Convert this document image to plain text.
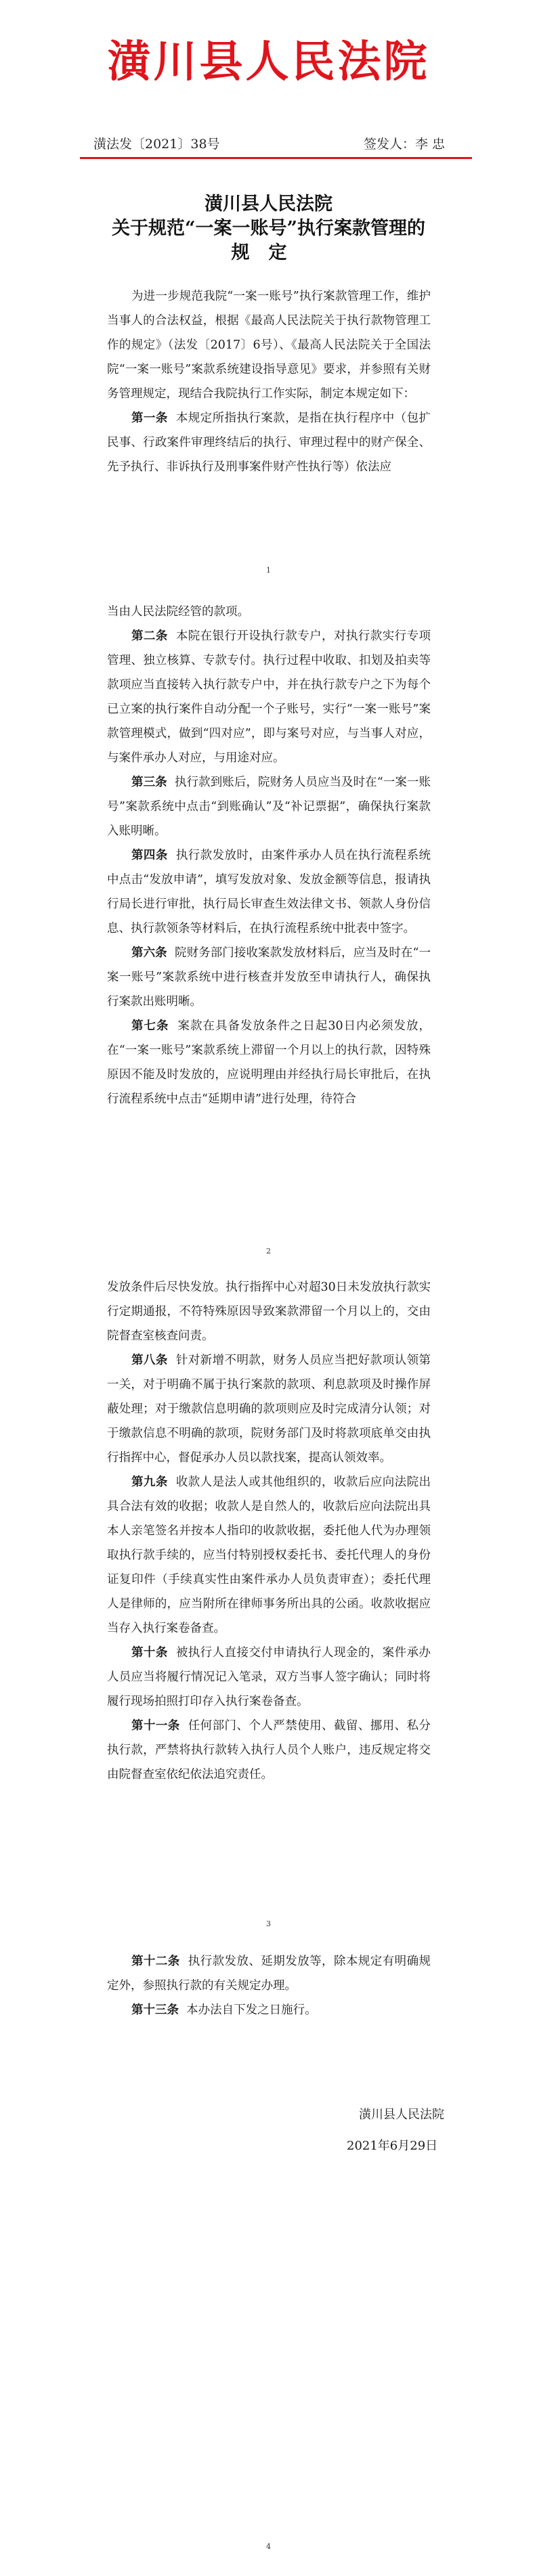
潢川县人民法院
潢法发〔2021〕38号	签发人：李 忠
潢川县人民法院
关于规范“一案一账号”执行案款管理的
规定

为进一步规范我院“一案一账号”执行案款管理工作，维护当事人的合法权益，根据《最高人民法院关于执行款物管理工作的规定》（法发〔2017〕6号）、《最高人民法院关于全国法院“一案一账号”案款系统建设指导意见》要求，并参照有关财务管理规定，现结合我院执行工作实际，制定本规定如下：

第一条 本规定所指执行案款，是指在执行程序中（包扩民事、行政案件审理终结后的执行、审理过程中的财产保全、先予执行、非诉执行及刑事案件财产性执行等）依法应

1

当由人民法院经管的款项。

第二条 本院在银行开设执行款专户，对执行款实行专项管理、独立核算、专款专付。执行过程中收取、扣划及拍卖等款项应当直接转入执行款专户中，并在执行款专户之下为每个已立案的执行案件自动分配一个子账号，实行“一案一账号”案款管理模式，做到“四对应”，即与案号对应，与当事人对应，与案件承办人对应，与用途对应。

第三条 执行款到账后，院财务人员应当及时在“一案一账号”案款系统中点击“到账确认”及“补记票据”，确保执行案款入账明晰。

第四条 执行款发放时，由案件承办人员在执行流程系统中点击“发放申请”，填写发放对象、发放金额等信息，报请执行局长进行审批，执行局长审查生效法律文书、领款人身份信息、执行款领条等材料后，在执行流程系统中批表中签字。

第六条 院财务部门接收案款发放材料后，应当及时在“一案一账号”案款系统中进行核查并发放至申请执行人，确保执行案款出账明晰。

第七条 案款在具备发放条件之日起30日内必须发放，在“一案一账号”案款系统上滞留一个月以上的执行款，因特殊原因不能及时发放的，应说明理由并经执行局长审批后，在执行流程系统中点击“延期申请”进行处理，待符合

2

发放条件后尽快发放。执行指挥中心对超30日未发放执行款实行定期通报，不符特殊原因导致案款滞留一个月以上的，交由院督查室核查问责。

第八条 针对新增不明款，财务人员应当把好款项认领第一关，对于明确不属于执行案款的款项、利息款项及时操作屏蔽处理；对于缴款信息明确的款项则应及时完成清分认领；对于缴款信息不明确的款项，院财务部门及时将款项底单交由执行指挥中心，督促承办人员以款找案，提高认领效率。

第九条 收款人是法人或其他组织的，收款后应向法院出具合法有效的收据；收款人是自然人的，收款后应向法院出具本人亲笔签名并按本人指印的收款收据，委托他人代为办理领取执行款手续的，应当付特别授权委托书、委托代理人的身份证复印件（手续真实性由案件承办人员负责审查）；委托代理人是律师的，应当附所在律师事务所出具的公函。收款收据应当存入执行案卷备查。

第十条 被执行人直接交付申请执行人现金的，案件承办人员应当将履行情况记入笔录，双方当事人签字确认；同时将履行现场拍照打印存入执行案卷备查。

第十一条 任何部门、个人严禁使用、截留、挪用、私分执行款，严禁将执行款转入执行人员个人账户，违反规定将交由院督查室依纪依法追究责任。

3

第十二条 执行款发放、延期发放等，除本规定有明确规定外，参照执行款的有关规定办理。

第十三条 本办法自下发之日施行。

潢川县人民法院
2021年6月29日
4
